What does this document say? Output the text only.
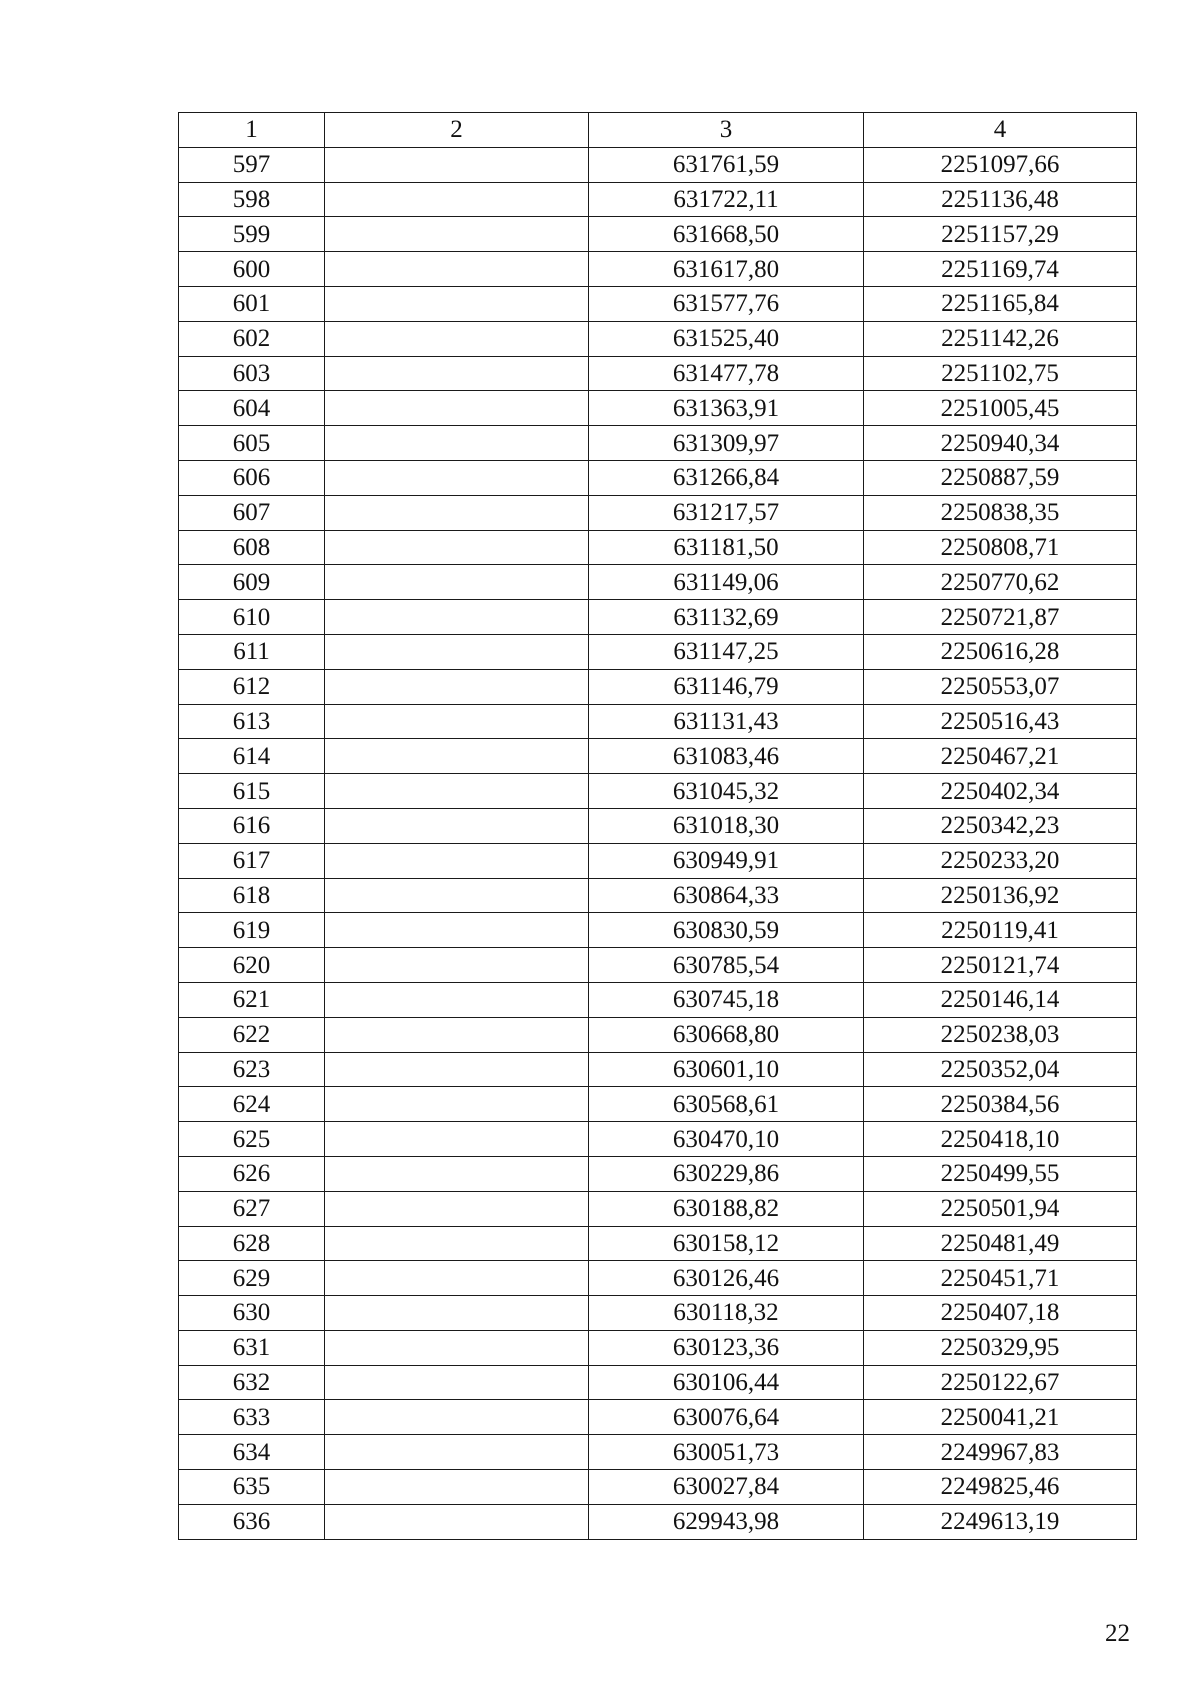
1	2	3	4
597		631761,59	2251097,66
598		631722,11	2251136,48
599		631668,50	2251157,29
600		631617,80	2251169,74
601		631577,76	2251165,84
602		631525,40	2251142,26
603		631477,78	2251102,75
604		631363,91	2251005,45
605		631309,97	2250940,34
606		631266,84	2250887,59
607		631217,57	2250838,35
608		631181,50	2250808,71
609		631149,06	2250770,62
610		631132,69	2250721,87
611		631147,25	2250616,28
612		631146,79	2250553,07
613		631131,43	2250516,43
614		631083,46	2250467,21
615		631045,32	2250402,34
616		631018,30	2250342,23
617		630949,91	2250233,20
618		630864,33	2250136,92
619		630830,59	2250119,41
620		630785,54	2250121,74
621		630745,18	2250146,14
622		630668,80	2250238,03
623		630601,10	2250352,04
624		630568,61	2250384,56
625		630470,10	2250418,10
626		630229,86	2250499,55
627		630188,82	2250501,94
628		630158,12	2250481,49
629		630126,46	2250451,71
630		630118,32	2250407,18
631		630123,36	2250329,95
632		630106,44	2250122,67
633		630076,64	2250041,21
634		630051,73	2249967,83
635		630027,84	2249825,46
636		629943,98	2249613,19
22
